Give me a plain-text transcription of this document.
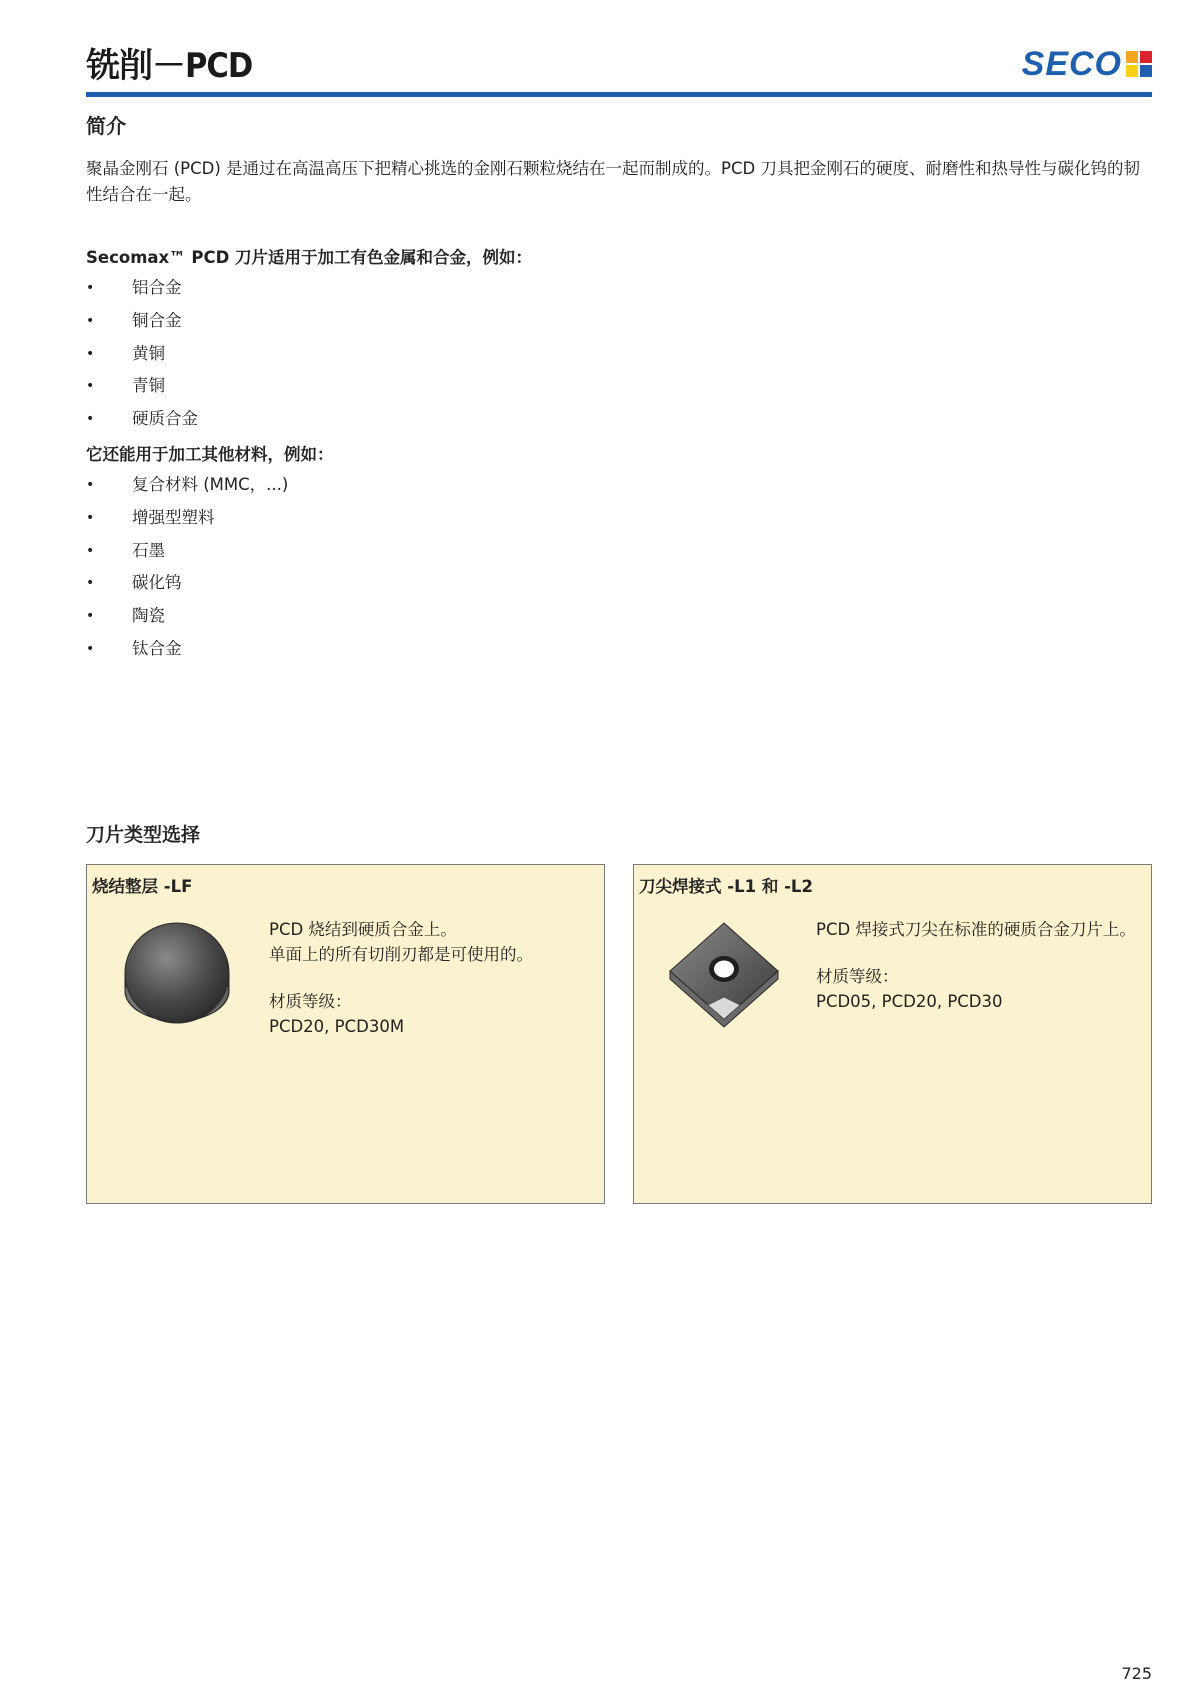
铣削－PCD	SECO
简介
聚晶金刚石 (PCD) 是通过在高温高压下把精心挑选的金刚石颗粒烧结在一起而制成的。PCD 刀具把金刚石的硬度、耐磨性和热导性与碳化钨的韧性结合在一起。
Secomax™ PCD 刀片适用于加工有色金属和合金，例如：
• 铝合金
• 铜合金
• 黄铜
• 青铜
• 硬质合金
它还能用于加工其他材料，例如：
• 复合材料 (MMC，...)
• 增强型塑料
• 石墨
• 碳化钨
• 陶瓷
• 钛合金
刀片类型选择
烧结整层 -LF

PCD 烧结到硬质合金上。

单面上的所有切削刃都是可使用的。

材质等级：

PCD20, PCD30M

刀尖焊接式 -L1 和 -L2

PCD 焊接式刀尖在标准的硬质合金刀片上。

材质等级：

PCD05, PCD20, PCD30

725
